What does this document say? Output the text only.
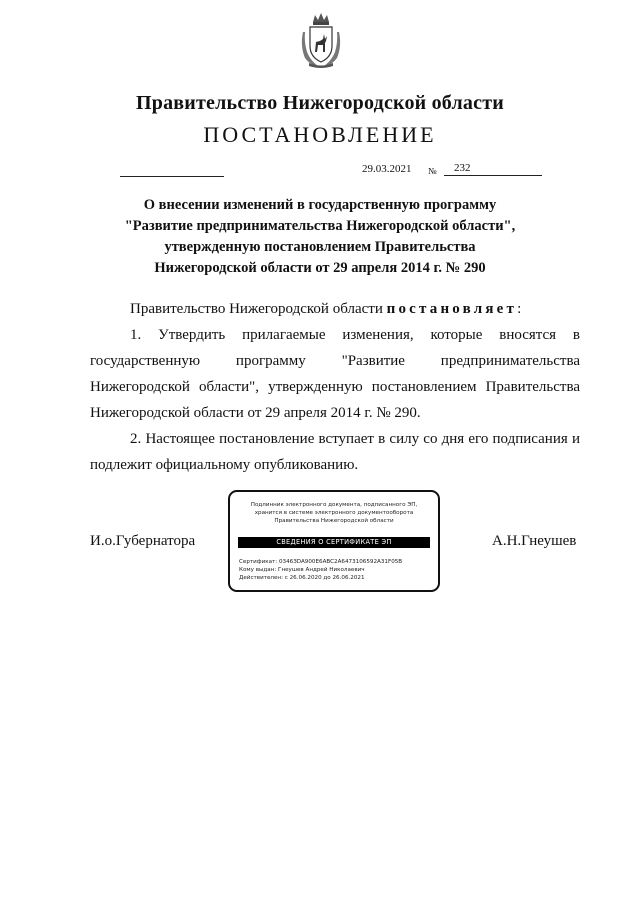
Правительство Нижегородской области
ПОСТАНОВЛЕНИЕ
29.03.2021 №	232
О внесении изменений в государственную программу
"Развитие предпринимательства Нижегородской области",
утвержденную постановлением Правительства
Нижегородской области от 29 апреля 2014 г. № 290
Правительство Нижегородской области постановляет:
1. Утвердить прилагаемые изменения, которые вносятся в государственную программу "Развитие предпринимательства Нижегородской области", утвержденную постановлением Правительства Нижегородской области от 29 апреля 2014 г. № 290.
2. Настоящее постановление вступает в силу со дня его подписания и подлежит официальному опубликованию.
И.о.Губернатора	А.Н.Гнеушев
Подлинник электронного документа, подписанного ЭП,
хранится в системе электронного документооборота
Правительства Нижегородской области
СВЕДЕНИЯ О СЕРТИФИКАТЕ ЭП
Сертификат: 0346ЗDA900E6ABC2A6473106592A31F05B
Кому выдан: Гнеушев Андрей Николаевич
Действителен: с 26.06.2020 до 26.06.2021
